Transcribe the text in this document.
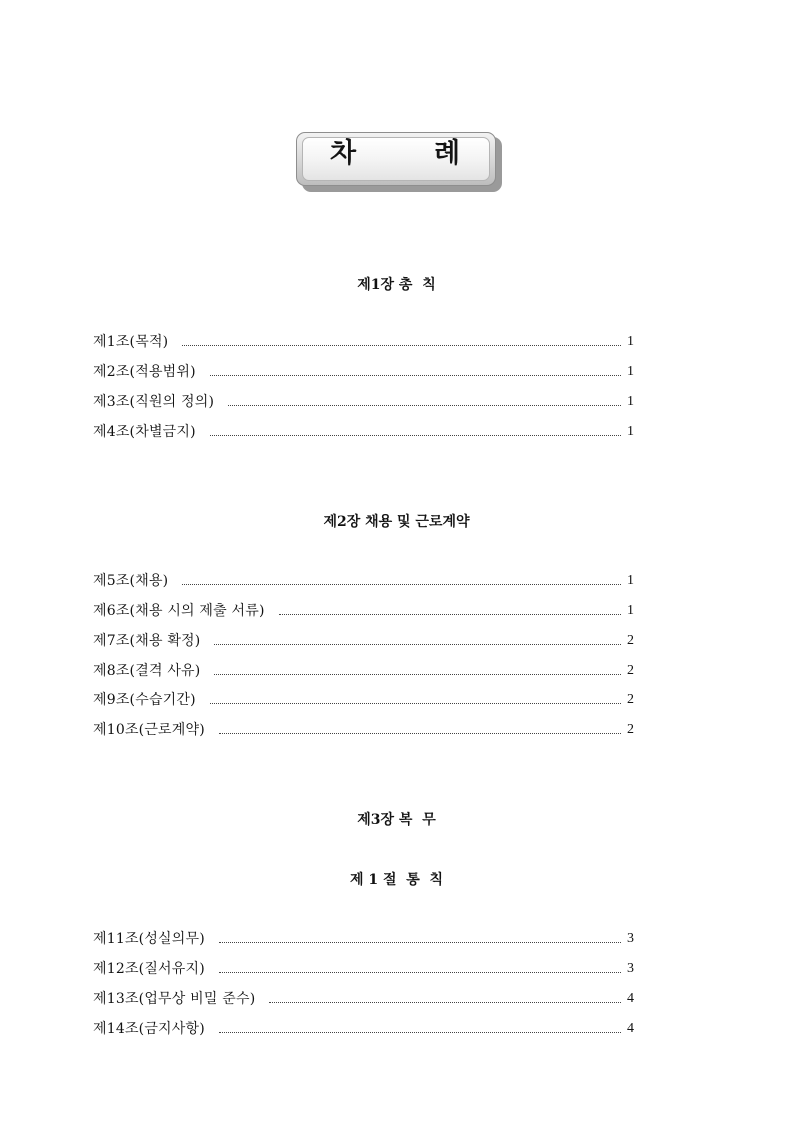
차	례
제1장 총  칙
제1조(목적)	1
제2조(적용범위)	1
제3조(직원의 정의)	1
제4조(차별금지)	1
제2장 채용 및 근로계약
제5조(채용)	1
제6조(채용 시의 제출 서류)	1
제7조(채용 확정)	2
제8조(결격 사유)	2
제9조(수습기간)	2
제10조(근로계약)	2
제3장 복  무
제 1 절  통  칙
제11조(성실의무)	3
제12조(질서유지)	3
제13조(업무상 비밀 준수)	4
제14조(금지사항)	4
